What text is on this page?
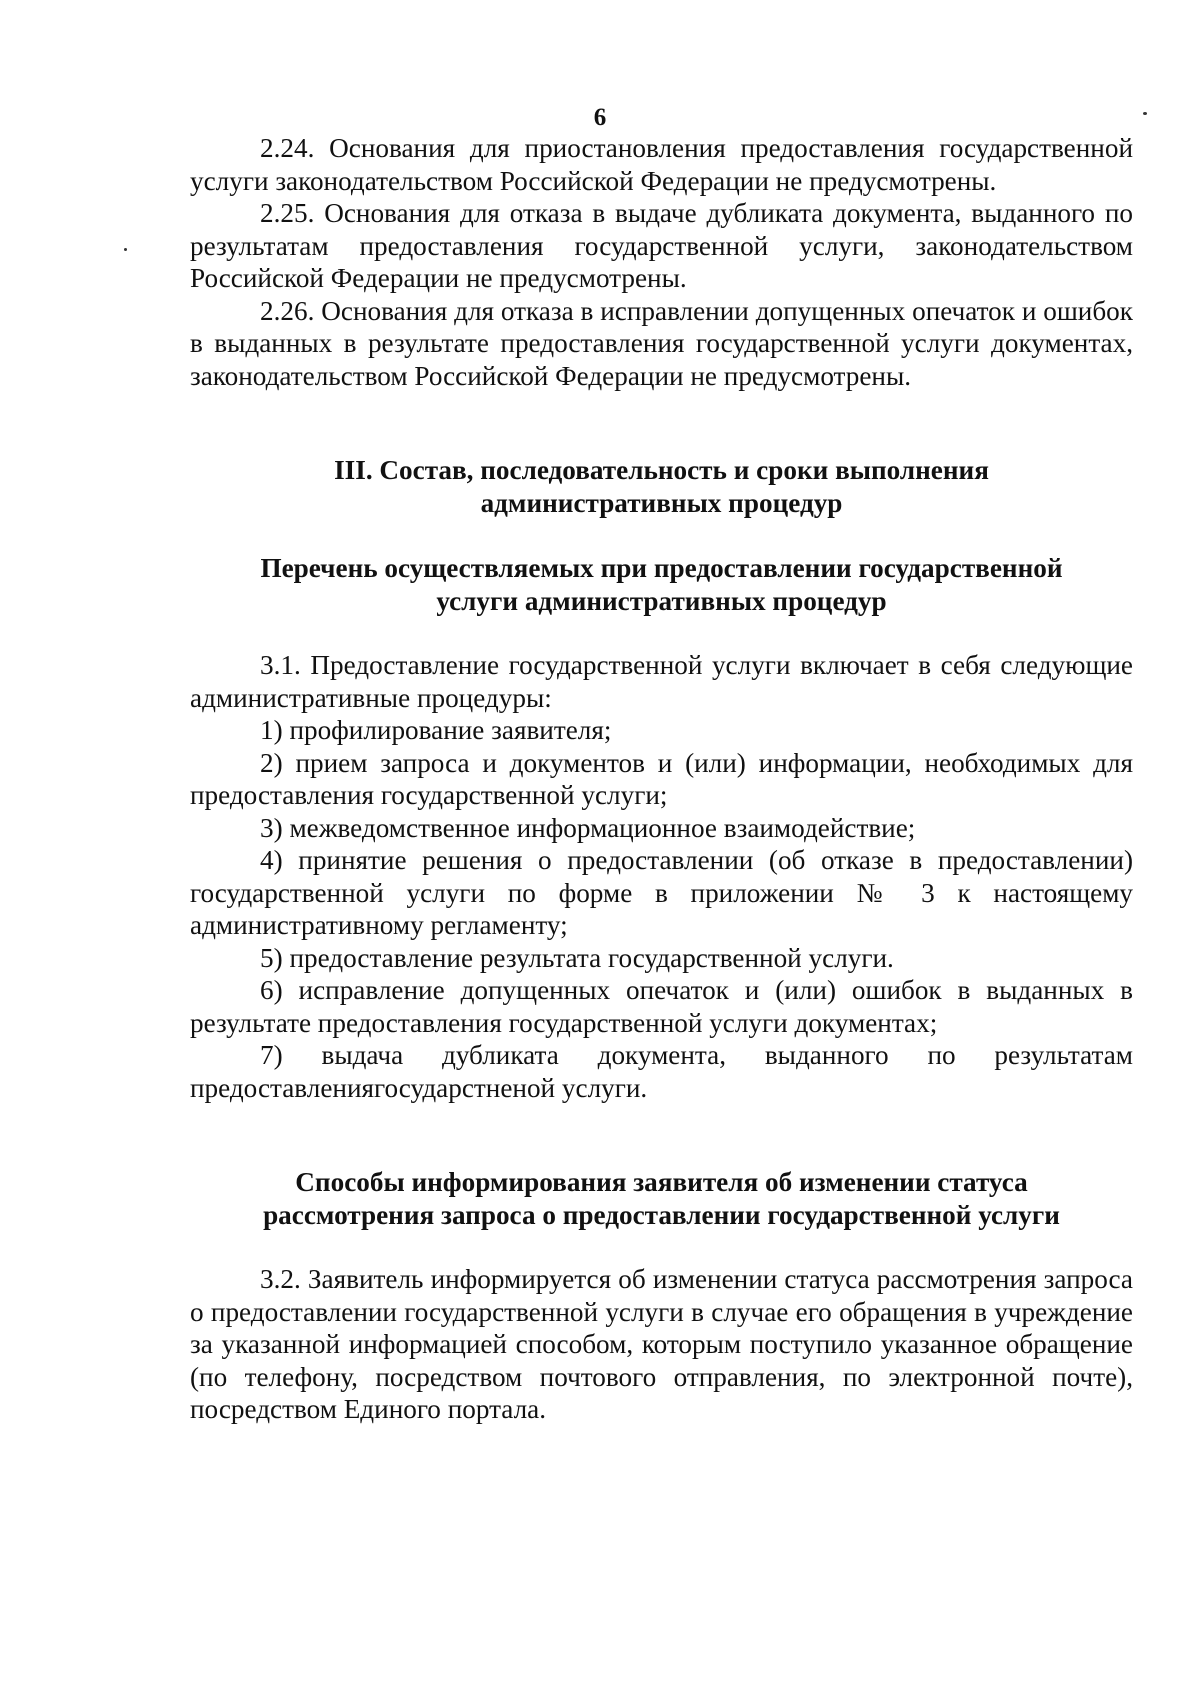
6

2.24. Основания для приостановления предоставления государственной услуги законодательством Российской Федерации не предусмотрены.

2.25. Основания для отказа в выдаче дубликата документа, выданного по результатам предоставления государственной услуги, законодательством Российской Федерации не предусмотрены.

2.26. Основания для отказа в исправлении допущенных опечаток и ошибок в выданных в результате предоставления государственной услуги документах, законодательством Российской Федерации не предусмотрены.

III. Состав, последовательность и сроки выполнения
административных процедур
Перечень осуществляемых при предоставлении государственной
услуги административных процедур

3.1. Предоставление государственной услуги включает в себя следующие административные процедуры:

1) профилирование заявителя;

2) прием запроса и документов и (или) информации, необходимых для предоставления государственной услуги;

3) межведомственное информационное взаимодействие;

4) принятие решения о предоставлении (об отказе в предоставлении) государственной услуги по форме в приложении № 3 к настоящему административному регламенту;

5) предоставление результата государственной услуги.

6) исправление допущенных опечаток и (или) ошибок в выданных в результате предоставления государственной услуги документах;

7) выдача дубликата документа, выданного по результатам предоставлениягосударстненой услуги.

Способы информирования заявителя об изменении статуса
рассмотрения запроса о предоставлении государственной услуги

3.2. Заявитель информируется об изменении статуса рассмотрения запроса о предоставлении государственной услуги в случае его обращения в учреждение за указанной информацией способом, которым поступило указанное обращение (по телефону, посредством почтового отправления, по электронной почте), посредством Единого портала.
